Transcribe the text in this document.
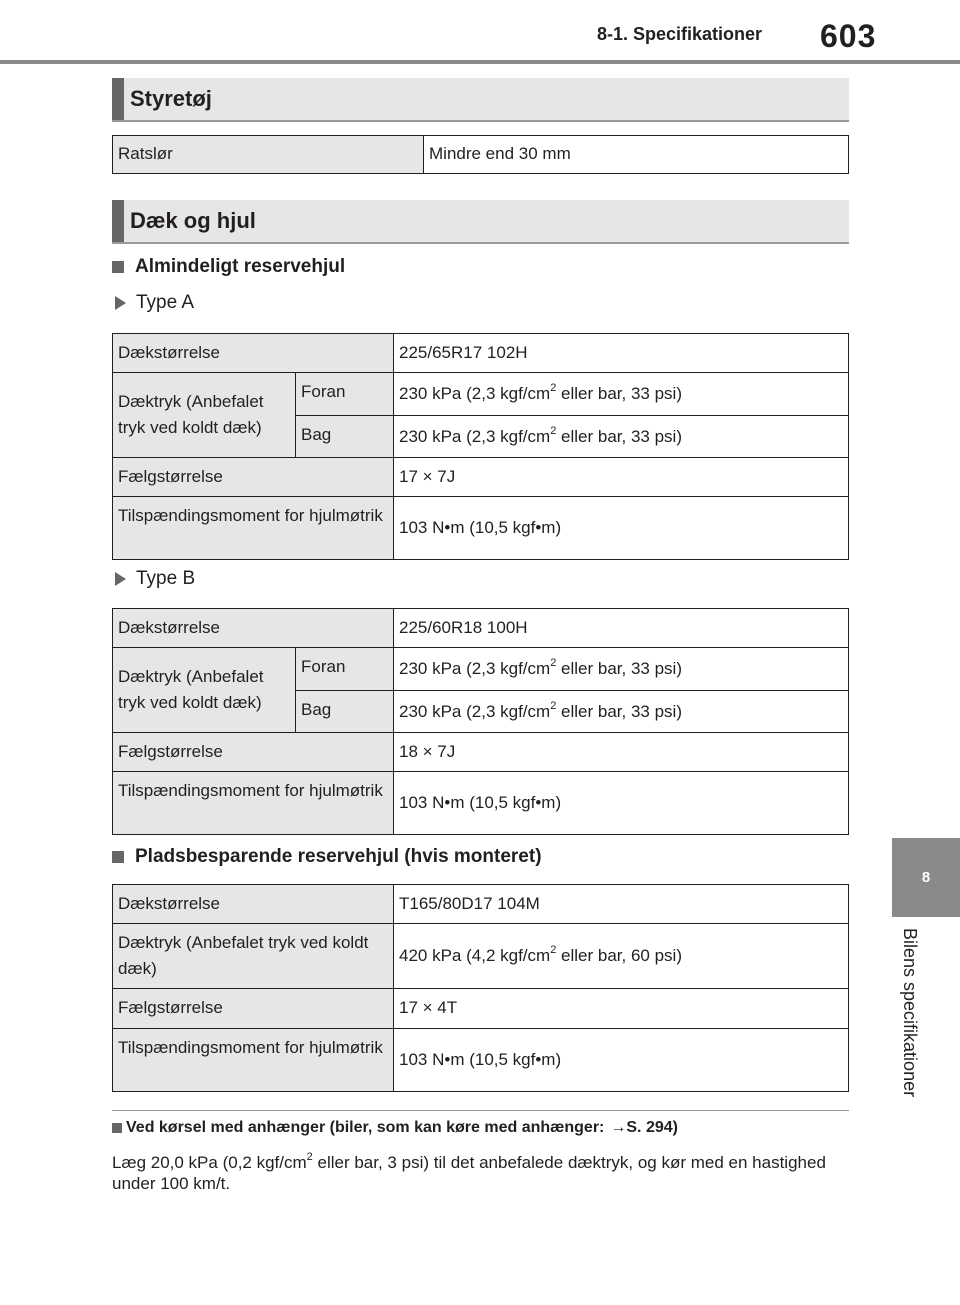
8-1. Specifikationer 603
8
Bilens specifikationer
Styretøj
Ratslør	Mindre end 30 mm
Dæk og hjul
Almindeligt reservehjul
Type A
Dækstørrelse		225/65R17 102H
Dæktryk (Anbefalet tryk ved koldt dæk)	Foran	230 kPa (2,3 kgf/$cm^2$ eller bar, 33 psi)
	Bag	230 kPa (2,3 kgf/$cm^2$ eller bar, 33 psi)
Fælgstørrelse		17 × 7J
Tilspændingsmoment for hjulmøtrik		103 N•m (10,5 kgf•m)
Type B
Dækstørrelse		225/60R18 100H
Dæktryk (Anbefalet tryk ved koldt dæk)	Foran	230 kPa (2,3 kgf/$cm^2$ eller bar, 33 psi)
	Bag	230 kPa (2,3 kgf/$cm^2$ eller bar, 33 psi)
Fælgstørrelse		18 × 7J
Tilspændingsmoment for hjulmøtrik		103 N•m (10,5 kgf•m)
Pladsbesparende reservehjul (hvis monteret)
Dækstørrelse	T165/80D17 104M
Dæktryk (Anbefalet tryk ved koldt dæk)	420 kPa (4,2 kgf/$cm^2$ eller bar, 60 psi)
Fælgstørrelse	17 × 4T
Tilspændingsmoment for hjulmøtrik	103 N•m (10,5 kgf•m)
Ved kørsel med anhænger (biler, som kan køre med anhænger: → S. 294)
Læg 20,0 kPa (0,2 kgf/$cm^2$ eller bar, 3 psi) til det anbefalede dæktryk, og kør med en hastighed under 100 km/t.
